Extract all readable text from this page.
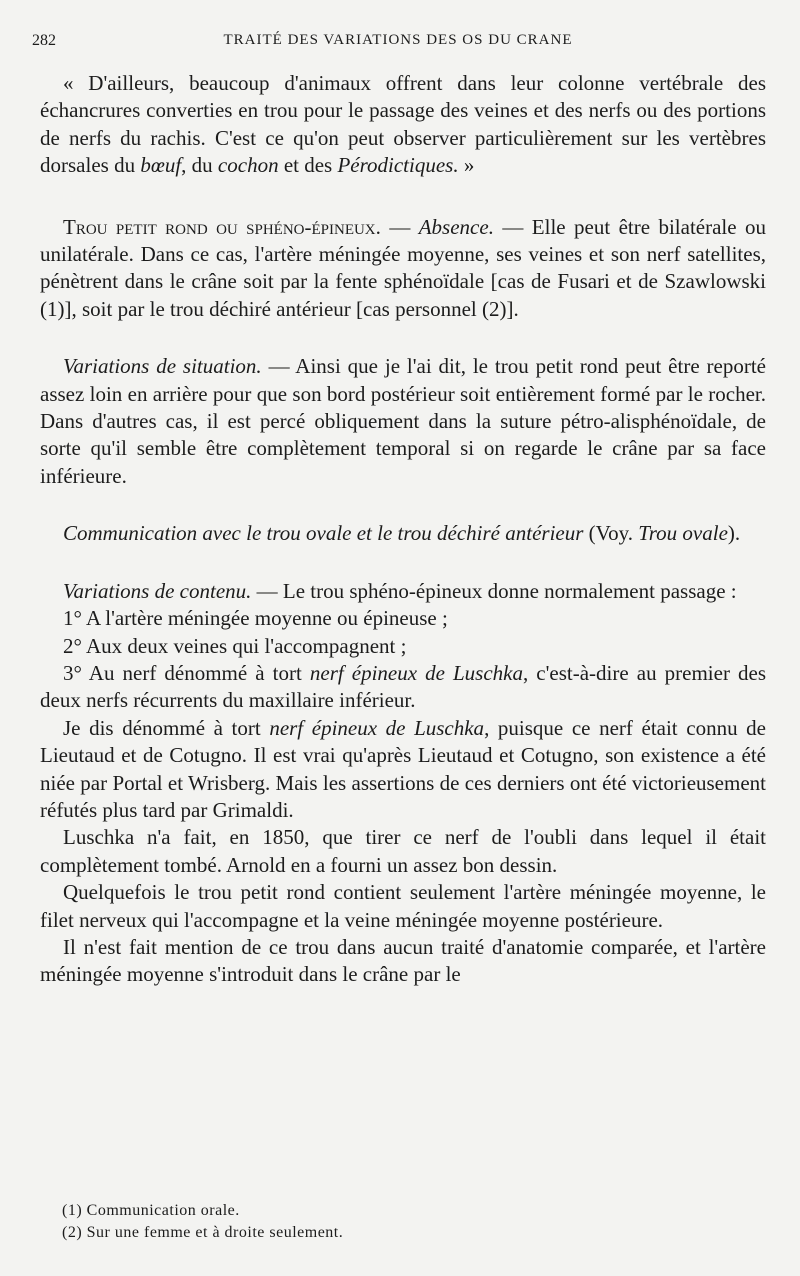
282	TRAITÉ DES VARIATIONS DES OS DU CRANE

« D'ailleurs, beaucoup d'animaux offrent dans leur colonne vertébrale des échancrures converties en trou pour le passage des veines et des nerfs ou des portions de nerfs du rachis. C'est ce qu'on peut observer particulièrement sur les vertèbres dorsales du bœuf, du cochon et des Pérodictiques. »

Trou petit rond ou sphéno-épineux. — Absence. — Elle peut être bilatérale ou unilatérale. Dans ce cas, l'artère méningée moyenne, ses veines et son nerf satellites, pénètrent dans le crâne soit par la fente sphénoïdale [cas de Fusari et de Szawlowski (1)], soit par le trou déchiré antérieur [cas personnel (2)].

Variations de situation. — Ainsi que je l'ai dit, le trou petit rond peut être reporté assez loin en arrière pour que son bord postérieur soit entièrement formé par le rocher. Dans d'autres cas, il est percé obliquement dans la suture pétro-alisphénoïdale, de sorte qu'il semble être complètement temporal si on regarde le crâne par sa face inférieure.

Communication avec le trou ovale et le trou déchiré antérieur (Voy. Trou ovale).

Variations de contenu. — Le trou sphéno-épineux donne normalement passage :

1° A l'artère méningée moyenne ou épineuse ;

2° Aux deux veines qui l'accompagnent ;

3° Au nerf dénommé à tort nerf épineux de Luschka, c'est-à-dire au premier des deux nerfs récurrents du maxillaire inférieur.

Je dis dénommé à tort nerf épineux de Luschka, puisque ce nerf était connu de Lieutaud et de Cotugno. Il est vrai qu'après Lieutaud et Cotugno, son existence a été niée par Portal et Wrisberg. Mais les assertions de ces derniers ont été victorieusement réfutés plus tard par Grimaldi.

Luschka n'a fait, en 1850, que tirer ce nerf de l'oubli dans lequel il était complètement tombé. Arnold en a fourni un assez bon dessin.

Quelquefois le trou petit rond contient seulement l'artère méningée moyenne, le filet nerveux qui l'accompagne et la veine méningée moyenne postérieure.

Il n'est fait mention de ce trou dans aucun traité d'anatomie comparée, et l'artère méningée moyenne s'introduit dans le crâne par le

(1) Communication orale.

(2) Sur une femme et à droite seulement.
